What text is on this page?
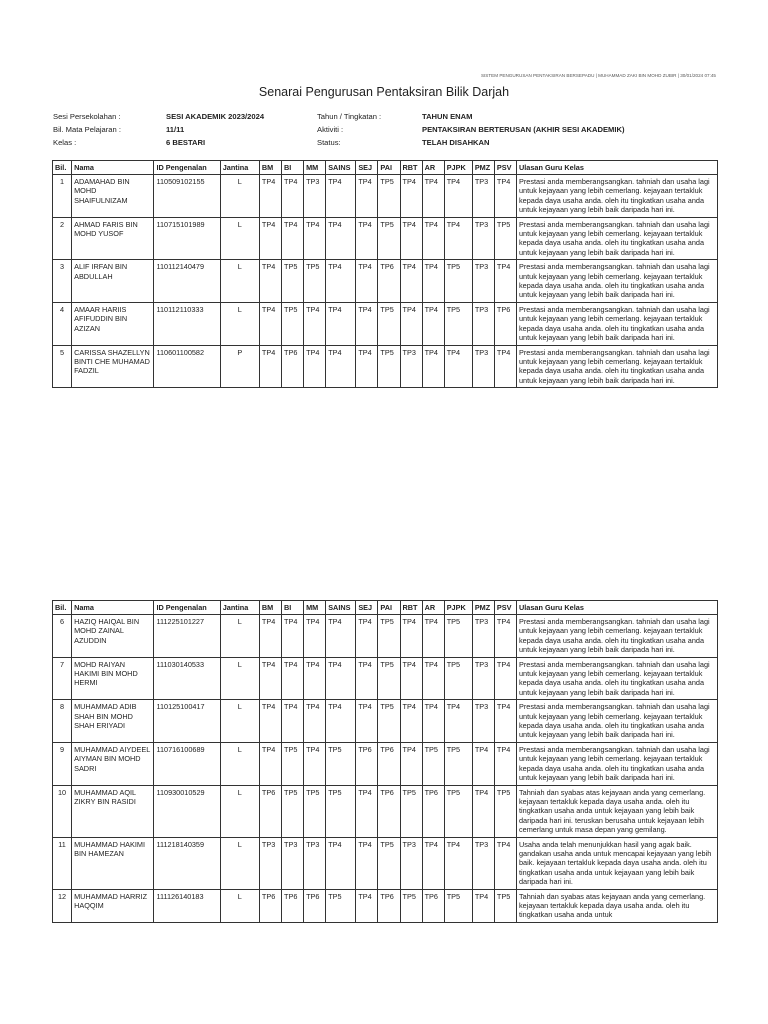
SISTEM PENGURUSAN PENTAKSIRAN BERSEPADU | MUHAMMAD ZAKI BIN MOHD ZUBIR | 30/01/2024 07:45
Senarai Pengurusan Pentaksiran Bilik Darjah
Sesi Persekolahan :	SESI AKADEMIK 2023/2024
Bil. Mata Pelajaran :	11/11
Kelas :	6 BESTARI
Tahun / Tingkatan :	TAHUN ENAM
Aktiviti :	PENTAKSIRAN BERTERUSAN (AKHIR SESI AKADEMIK)
Status:	TELAH DISAHKAN
Bil.	Nama	ID Pengenalan	Jantina	BM	BI	MM	SAINS	SEJ	PAI	RBT	AR	PJPK	PMZ	PSV	Ulasan Guru Kelas
1	ADAMAHAD BIN MOHD SHAIFULNIZAM	110509102155	L	TP4	TP4	TP3	TP4	TP4	TP5	TP4	TP4	TP4	TP3	TP4	Prestasi anda memberangsangkan. tahniah dan usaha lagi untuk kejayaan yang lebih cemerlang. kejayaan tertakluk kepada daya usaha anda. oleh itu tingkatkan usaha anda untuk kejayaan yang lebih baik daripada hari ini.
2	AHMAD FARIS BIN MOHD YUSOF	110715101989	L	TP4	TP4	TP4	TP4	TP4	TP5	TP4	TP4	TP4	TP3	TP5	Prestasi anda memberangsangkan. tahniah dan usaha lagi untuk kejayaan yang lebih cemerlang. kejayaan tertakluk kepada daya usaha anda. oleh itu tingkatkan usaha anda untuk kejayaan yang lebih baik daripada hari ini.
3	ALIF IRFAN BIN ABDULLAH	110112140479	L	TP4	TP5	TP5	TP4	TP4	TP6	TP4	TP4	TP5	TP3	TP4	Prestasi anda memberangsangkan. tahniah dan usaha lagi untuk kejayaan yang lebih cemerlang. kejayaan tertakluk kepada daya usaha anda. oleh itu tingkatkan usaha anda untuk kejayaan yang lebih baik daripada hari ini.
4	AMAAR HARIIS AFIFUDDIN BIN AZIZAN	110112110333	L	TP4	TP5	TP4	TP4	TP4	TP5	TP4	TP4	TP5	TP3	TP6	Prestasi anda memberangsangkan. tahniah dan usaha lagi untuk kejayaan yang lebih cemerlang. kejayaan tertakluk kepada daya usaha anda. oleh itu tingkatkan usaha anda untuk kejayaan yang lebih baik daripada hari ini.
5	CARISSA SHAZELLYN BINTI CHE MUHAMAD FADZIL	110601100582	P	TP4	TP6	TP4	TP4	TP4	TP5	TP3	TP4	TP4	TP3	TP4	Prestasi anda memberangsangkan. tahniah dan usaha lagi untuk kejayaan yang lebih cemerlang. kejayaan tertakluk kepada daya usaha anda. oleh itu tingkatkan usaha anda untuk kejayaan yang lebih baik daripada hari ini.
Bil.	Nama	ID Pengenalan	Jantina	BM	BI	MM	SAINS	SEJ	PAI	RBT	AR	PJPK	PMZ	PSV	Ulasan Guru Kelas
6	HAZIQ HAIQAL BIN MOHD ZAINAL AZUDDIN	111225101227	L	TP4	TP4	TP4	TP4	TP4	TP5	TP4	TP4	TP5	TP3	TP4	Prestasi anda memberangsangkan. tahniah dan usaha lagi untuk kejayaan yang lebih cemerlang. kejayaan tertakluk kepada daya usaha anda. oleh itu tingkatkan usaha anda untuk kejayaan yang lebih baik daripada hari ini.
7	MOHD RAIYAN HAKIMI BIN MOHD HERMI	111030140533	L	TP4	TP4	TP4	TP4	TP4	TP5	TP4	TP4	TP5	TP3	TP4	Prestasi anda memberangsangkan. tahniah dan usaha lagi untuk kejayaan yang lebih cemerlang. kejayaan tertakluk kepada daya usaha anda. oleh itu tingkatkan usaha anda untuk kejayaan yang lebih baik daripada hari ini.
8	MUHAMMAD ADIB SHAH BIN MOHD SHAH ERIYADI	110125100417	L	TP4	TP4	TP4	TP4	TP4	TP5	TP4	TP4	TP4	TP3	TP4	Prestasi anda memberangsangkan. tahniah dan usaha lagi untuk kejayaan yang lebih cemerlang. kejayaan tertakluk kepada daya usaha anda. oleh itu tingkatkan usaha anda untuk kejayaan yang lebih baik daripada hari ini.
9	MUHAMMAD AIYDEEL AIYMAN BIN MOHD SADRI	110716100689	L	TP4	TP5	TP4	TP5	TP6	TP6	TP4	TP5	TP5	TP4	TP4	Prestasi anda memberangsangkan. tahniah dan usaha lagi untuk kejayaan yang lebih cemerlang. kejayaan tertakluk kepada daya usaha anda. oleh itu tingkatkan usaha anda untuk kejayaan yang lebih baik daripada hari ini.
10	MUHAMMAD AQIL ZIKRY BIN RASIDI	110930010529	L	TP6	TP5	TP5	TP5	TP4	TP6	TP5	TP6	TP5	TP4	TP5	Tahniah dan syabas atas kejayaan anda yang cemerlang. kejayaan tertakluk kepada daya usaha anda. oleh itu tingkatkan usaha anda untuk kejayaan yang lebih baik daripada hari ini. teruskan berusaha untuk kejayaan lebih cemerlang untuk masa depan yang gemilang.
11	MUHAMMAD HAKIMI BIN HAMEZAN	111218140359	L	TP3	TP3	TP3	TP4	TP4	TP5	TP3	TP4	TP4	TP3	TP4	Usaha anda telah menunjukkan hasil yang agak baik. gandakan usaha anda untuk mencapai kejayaan yang lebih baik. kejayaan tertakluk kepada daya usaha anda. oleh itu tingkatkan usaha anda untuk kejayaan yang lebih baik daripada hari ini.
12	MUHAMMAD HARRIZ HAQQIM	111126140183	L	TP6	TP6	TP6	TP5	TP4	TP6	TP5	TP6	TP5	TP4	TP5	Tahniah dan syabas atas kejayaan anda yang cemerlang. kejayaan tertakluk kepada daya usaha anda. oleh itu tingkatkan usaha anda untuk
